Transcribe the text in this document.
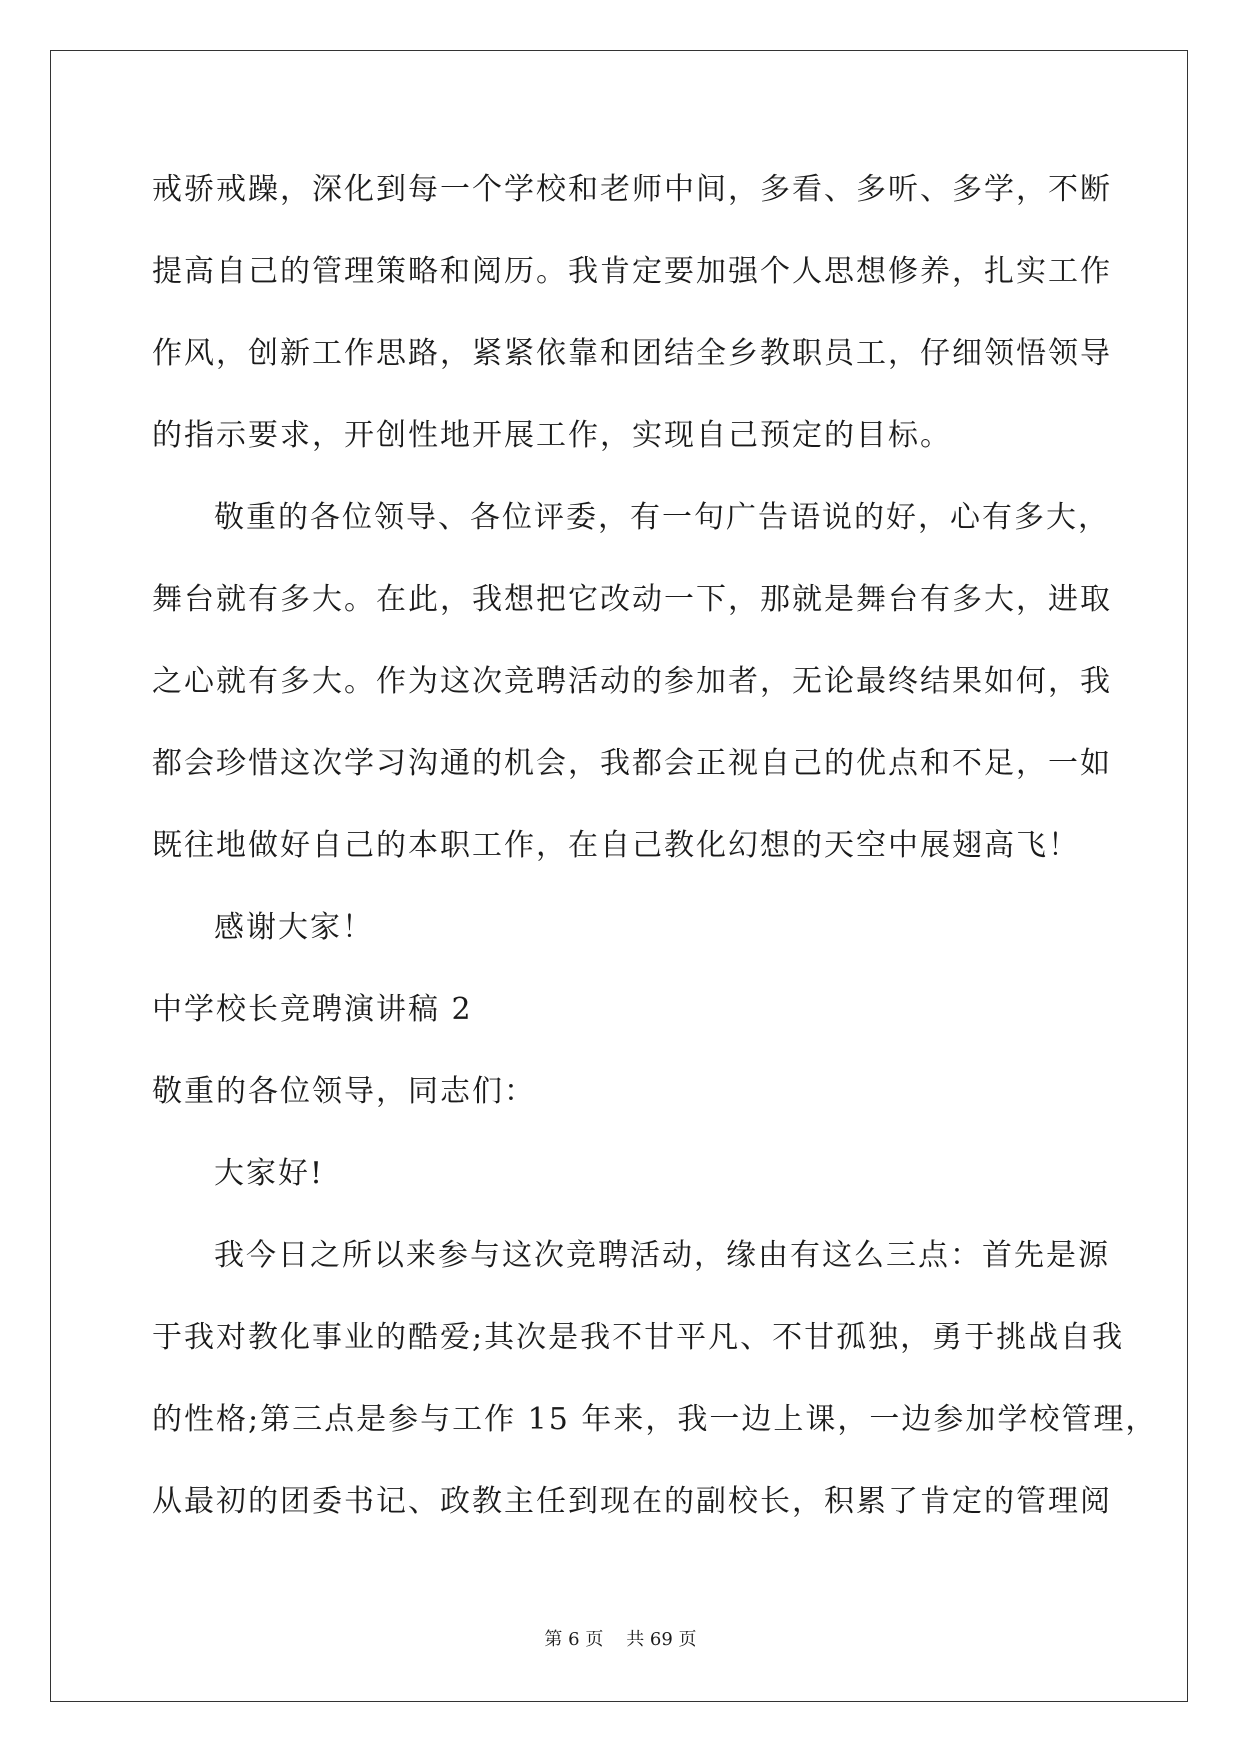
戒骄戒躁，深化到每一个学校和老师中间，多看、多听、多学，不断
提高自己的管理策略和阅历。我肯定要加强个人思想修养，扎实工作
作风，创新工作思路，紧紧依靠和团结全乡教职员工，仔细领悟领导
的指示要求，开创性地开展工作，实现自己预定的目标。
敬重的各位领导、各位评委，有一句广告语说的好，心有多大，
舞台就有多大。在此，我想把它改动一下，那就是舞台有多大，进取
之心就有多大。作为这次竞聘活动的参加者，无论最终结果如何，我
都会珍惜这次学习沟通的机会，我都会正视自己的优点和不足，一如
既往地做好自己的本职工作，在自己教化幻想的天空中展翅高飞！
感谢大家！
中学校长竞聘演讲稿 2
敬重的各位领导，同志们：
大家好!
我今日之所以来参与这次竞聘活动，缘由有这么三点：首先是源
于我对教化事业的酷爱;其次是我不甘平凡、不甘孤独，勇于挑战自我
的性格;第三点是参与工作 15 年来，我一边上课，一边参加学校管理，
从最初的团委书记、政教主任到现在的副校长，积累了肯定的管理阅
第 6 页    共 69 页
